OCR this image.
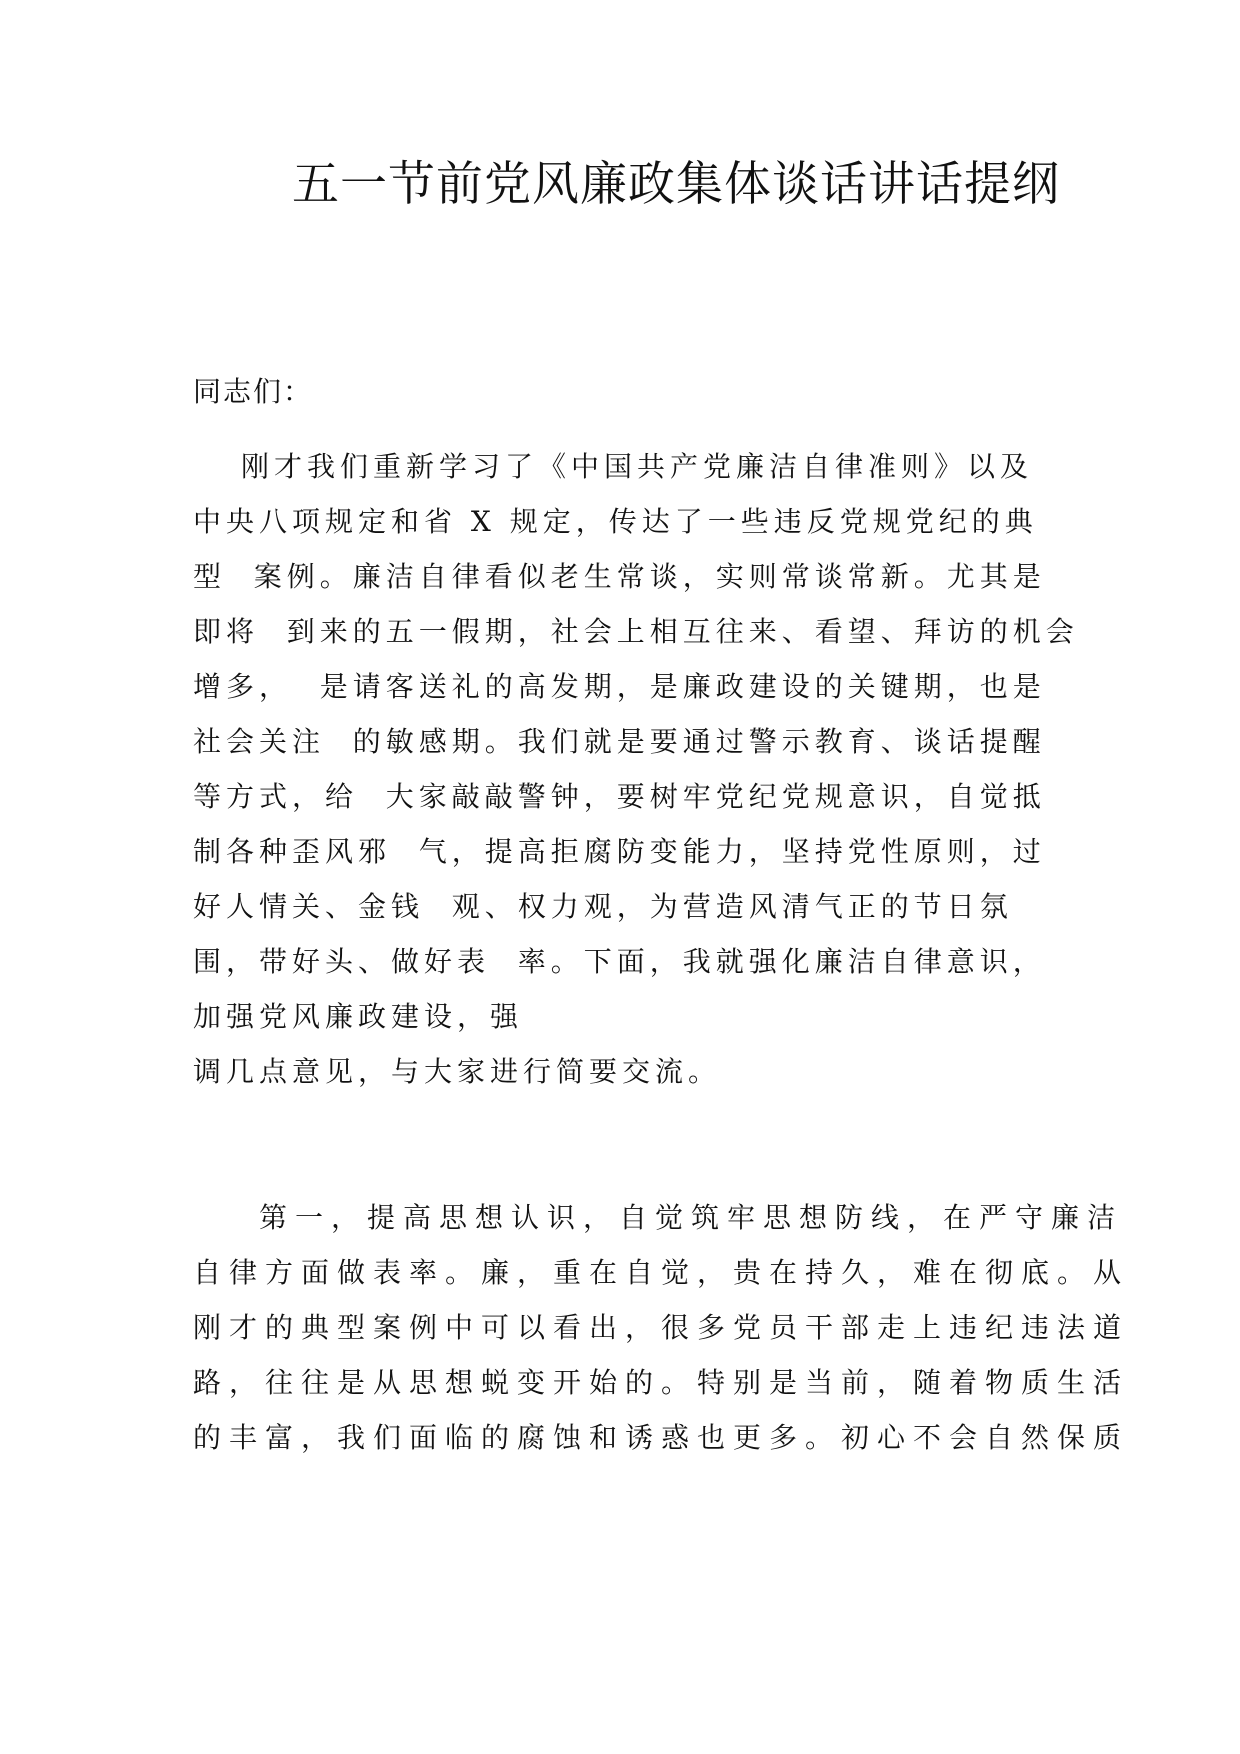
五一节前党风廉政集体谈话讲话提纲

同志们：

刚才我们重新学习了《中国共产党廉洁自律准则》以及

中央八项规定和省 X 规定，传达了一些违反党规党纪的典

型  案例。廉洁自律看似老生常谈，实则常谈常新。尤其是

即将  到来的五一假期，社会上相互往来、看望、拜访的机会

增多，  是请客送礼的高发期，是廉政建设的关键期，也是

社会关注  的敏感期。我们就是要通过警示教育、谈话提醒

等方式，给  大家敲敲警钟，要树牢党纪党规意识，自觉抵

制各种歪风邪  气，提高拒腐防变能力，坚持党性原则，过

好人情关、金钱  观、权力观，为营造风清气正的节日氛

围，带好头、做好表  率。下面，我就强化廉洁自律意识，

加强党风廉政建设，强

调几点意见，与大家进行简要交流。

第一，提高思想认识，自觉筑牢思想防线，在严守廉洁

自律方面做表率。廉，重在自觉，贵在持久，难在彻底。从

刚才的典型案例中可以看出，很多党员干部走上违纪违法道

路，往往是从思想蜕变开始的。特别是当前，随着物质生活

的丰富，我们面临的腐蚀和诱惑也更多。初心不会自然保质
